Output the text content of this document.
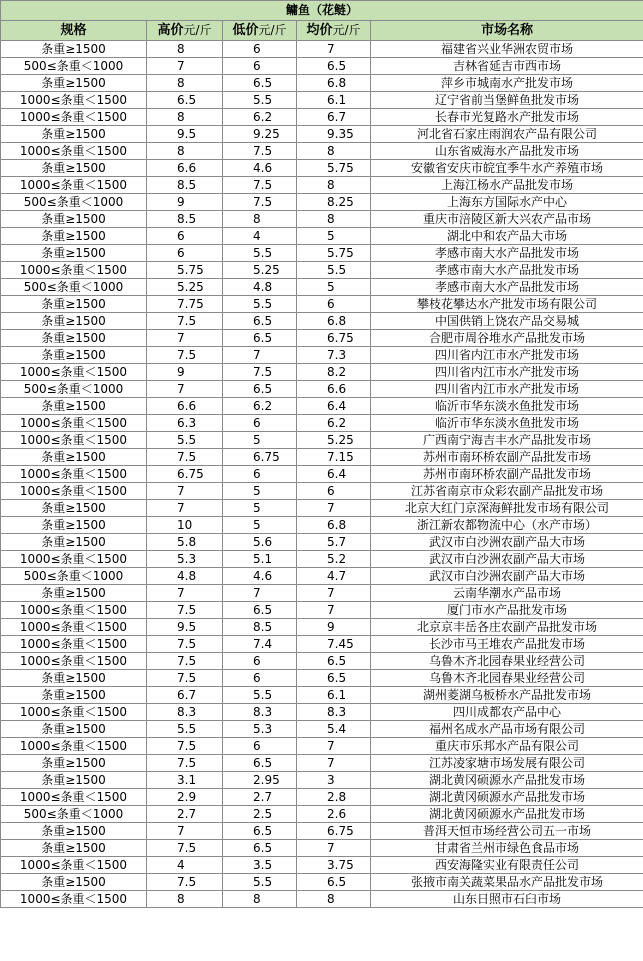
鳙鱼（花鲢）				
规格	高价元/斤	低价元/斤	均价元/斤	市场名称
条重≥1500	8	6	7	福建省兴业华洲农贸市场
500≤条重＜1000	7	6	6.5	吉林省延吉市西市场
条重≥1500	8	6.5	6.8	萍乡市城南水产批发市场
1000≤条重＜1500	6.5	5.5	6.1	辽宁省前当堡鲜鱼批发市场
1000≤条重＜1500	8	6.2	6.7	长春市光复路水产批发市场
条重≥1500	9.5	9.25	9.35	河北省石家庄雨润农产品有限公司
1000≤条重＜1500	8	7.5	8	山东省威海水产品批发市场
条重≥1500	6.6	4.6	5.75	安徽省安庆市皖宜季牛水产养殖市场
1000≤条重＜1500	8.5	7.5	8	上海江杨水产品批发市场
500≤条重＜1000	9	7.5	8.25	上海东方国际水产中心
条重≥1500	8.5	8	8	重庆市涪陵区新大兴农产品市场
条重≥1500	6	4	5	湖北中和农产品大市场
条重≥1500	6	5.5	5.75	孝感市南大水产品批发市场
1000≤条重＜1500	5.75	5.25	5.5	孝感市南大水产品批发市场
500≤条重＜1000	5.25	4.8	5	孝感市南大水产品批发市场
条重≥1500	7.75	5.5	6	攀枝花攀达水产批发市场有限公司
条重≥1500	7.5	6.5	6.8	中国供销上饶农产品交易城
条重≥1500	7	6.5	6.75	合肥市周谷堆水产品批发市场
条重≥1500	7.5	7	7.3	四川省内江市水产批发市场
1000≤条重＜1500	9	7.5	8.2	四川省内江市水产批发市场
500≤条重＜1000	7	6.5	6.6	四川省内江市水产批发市场
条重≥1500	6.6	6.2	6.4	临沂市华东淡水鱼批发市场
1000≤条重＜1500	6.3	6	6.2	临沂市华东淡水鱼批发市场
1000≤条重＜1500	5.5	5	5.25	广西南宁海吉丰水产品批发市场
条重≥1500	7.5	6.75	7.15	苏州市南环桥农副产品批发市场
1000≤条重＜1500	6.75	6	6.4	苏州市南环桥农副产品批发市场
1000≤条重＜1500	7	5	6	江苏省南京市众彩农副产品批发市场
条重≥1500	7	5	7	北京大红门京深海鲜批发市场有限公司
条重≥1500	10	5	6.8	浙江新农都物流中心（水产市场）
条重≥1500	5.8	5.6	5.7	武汉市白沙洲农副产品大市场
1000≤条重＜1500	5.3	5.1	5.2	武汉市白沙洲农副产品大市场
500≤条重＜1000	4.8	4.6	4.7	武汉市白沙洲农副产品大市场
条重≥1500	7	7	7	云南华潮水产品市场
1000≤条重＜1500	7.5	6.5	7	厦门市水产品批发市场
1000≤条重＜1500	9.5	8.5	9	北京京丰岳各庄农副产品批发市场
1000≤条重＜1500	7.5	7.4	7.45	长沙市马王堆农产品批发市场
1000≤条重＜1500	7.5	6	6.5	乌鲁木齐北园春果业经营公司
条重≥1500	7.5	6	6.5	乌鲁木齐北园春果业经营公司
条重≥1500	6.7	5.5	6.1	湖州菱湖乌板桥水产品批发市场
1000≤条重＜1500	8.3	8.3	8.3	四川成都农产品中心
条重≥1500	5.5	5.3	5.4	福州名成水产品市场有限公司
1000≤条重＜1500	7.5	6	7	重庆市乐邦水产品有限公司
条重≥1500	7.5	6.5	7	江苏凌家塘市场发展有限公司
条重≥1500	3.1	2.95	3	湖北黄冈硕源水产品批发市场
1000≤条重＜1500	2.9	2.7	2.8	湖北黄冈硕源水产品批发市场
500≤条重＜1000	2.7	2.5	2.6	湖北黄冈硕源水产品批发市场
条重≥1500	7	6.5	6.75	普洱天恒市场经营公司五一市场
条重≥1500	7.5	6.5	7	甘肃省兰州市绿色食品市场
1000≤条重＜1500	4	3.5	3.75	西安海隆实业有限责任公司
条重≥1500	7.5	5.5	6.5	张掖市南关蔬菜果品水产品批发市场
1000≤条重＜1500	8	8	8	山东日照市石臼市场
